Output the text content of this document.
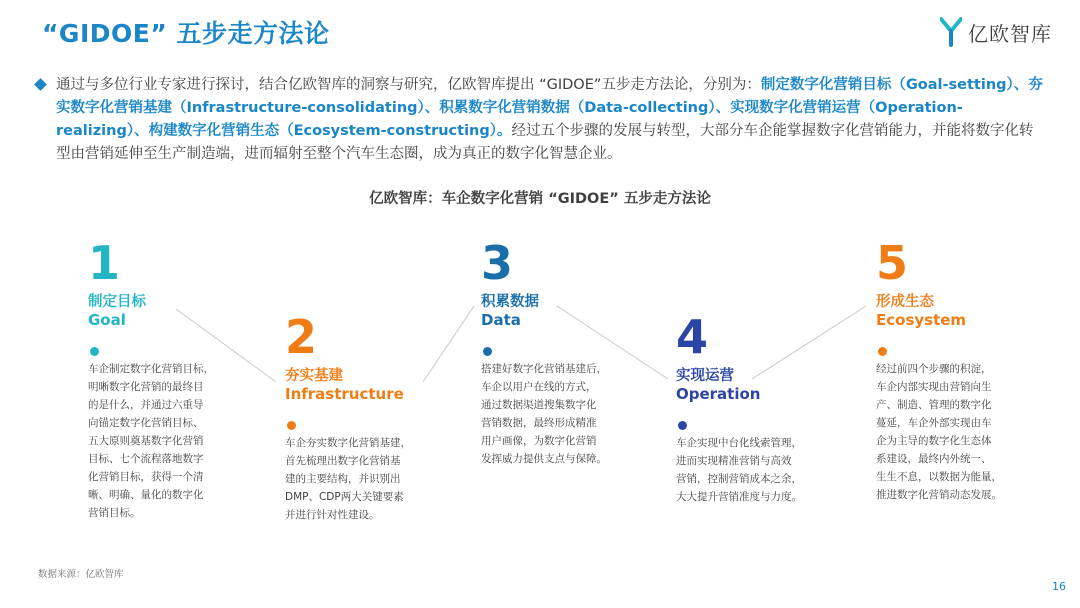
“GIDOE” 五步走方法论	亿欧智库
通过与多位行业专家进行探讨，结合亿欧智库的洞察与研究，亿欧智库提出 “GIDOE”五步走方法论，分别为：制定数字化营销目标（Goal-setting）、夯实数字化营销基建（Infrastructure-consolidating）、积累数字化营销数据（Data-collecting）、实现数字化营销运营（Operation-realizing）、构建数字化营销生态（Ecosystem-constructing）。经过五个步骤的发展与转型，大部分车企能掌握数字化营销能力，并能将数字化转型由营销延伸至生产制造端，进而辐射至整个汽车生态圈，成为真正的数字化智慧企业。
亿欧智库：车企数字化营销 “GIDOE” 五步走方法论
1
制定目标
Goal
车企制定数字化营销目标，
明晰数字化营销的最终目
的是什么，并通过六重导
向锚定数字化营销目标、
五大原则奠基数字化营销
目标、七个流程落地数字
化营销目标，获得一个清
晰、明确、量化的数字化
营销目标。
2
夯实基建
Infrastructure
车企夯实数字化营销基建，
首先梳理出数字化营销基
建的主要结构，并识别出
DMP、CDP两大关键要素
并进行针对性建设。
3
积累数据
Data
搭建好数字化营销基建后，
车企以用户在线的方式，
通过数据渠道搜集数字化
营销数据，最终形成精准
用户画像，为数字化营销
发挥威力提供支点与保障。
4
实现运营
Operation
车企实现中台化线索管理，
进而实现精准营销与高效
营销，控制营销成本之余，
大大提升营销准度与力度。
5
形成生态
Ecosystem
经过前四个步骤的积淀，
车企内部实现由营销向生
产、制造、管理的数字化
蔓延，车企外部实现由车
企为主导的数字化生态体
系建设，最终内外统一、
生生不息，以数据为能量，
推进数字化营销动态发展。
数据来源：亿欧智库
16
